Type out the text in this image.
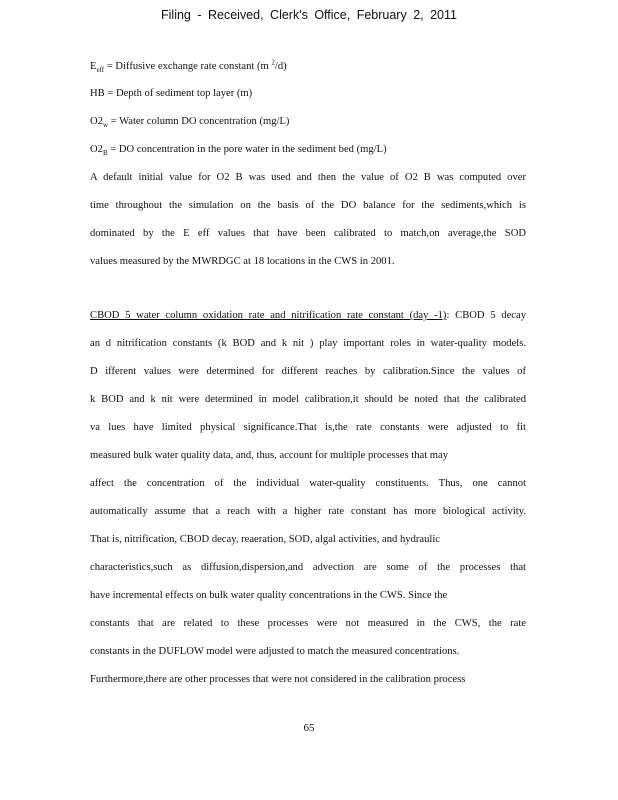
Filing - Received, Clerk's Office, February 2, 2011
$E_{eff}$ = Diffusive exchange rate constant (m $^2$/d)
HB = Depth of sediment top layer (m)
$O2_w$ = Water column DO concentration (mg/L)
$O2_B$ = DO concentration in the pore water in the sediment bed (mg/L)
A default initial value for O2 B was used and then the value of O2 B was computed over
time throughout the simulation on the basis of the DO balance for the sediments,which is
dominated by the E eff values that have been calibrated to match,on average,the SOD
values measured by the MWRDGC at 18 locations in the CWS in 2001.
CBOD 5 water column oxidation rate and nitrification rate constant (day -1): CBOD 5 decay
an d nitrification constants (k BOD and k nit ) play important roles in water-quality models.
D ifferent values were determined for different reaches by calibration.Since the values of
k BOD and k nit were determined in model calibration,it should be noted that the calibrated
va lues have limited physical significance.That is,the rate constants were adjusted to fit
measured bulk water quality data, and, thus, account for multiple processes that may
affect the concentration of the individual water-quality constituents. Thus, one cannot
automatically assume that a reach with a higher rate constant has more biological activity.
That is, nitrification, CBOD decay, reaeration, SOD, algal activities, and hydraulic
characteristics,such as diffusion,dispersion,and advection are some of the processes that
have incremental effects on bulk water quality concentrations in the CWS. Since the
constants that are related to these processes were not measured in the CWS, the rate
constants in the DUFLOW model were adjusted to match the measured concentrations.
Furthermore,there are other processes that were not considered in the calibration process
65
